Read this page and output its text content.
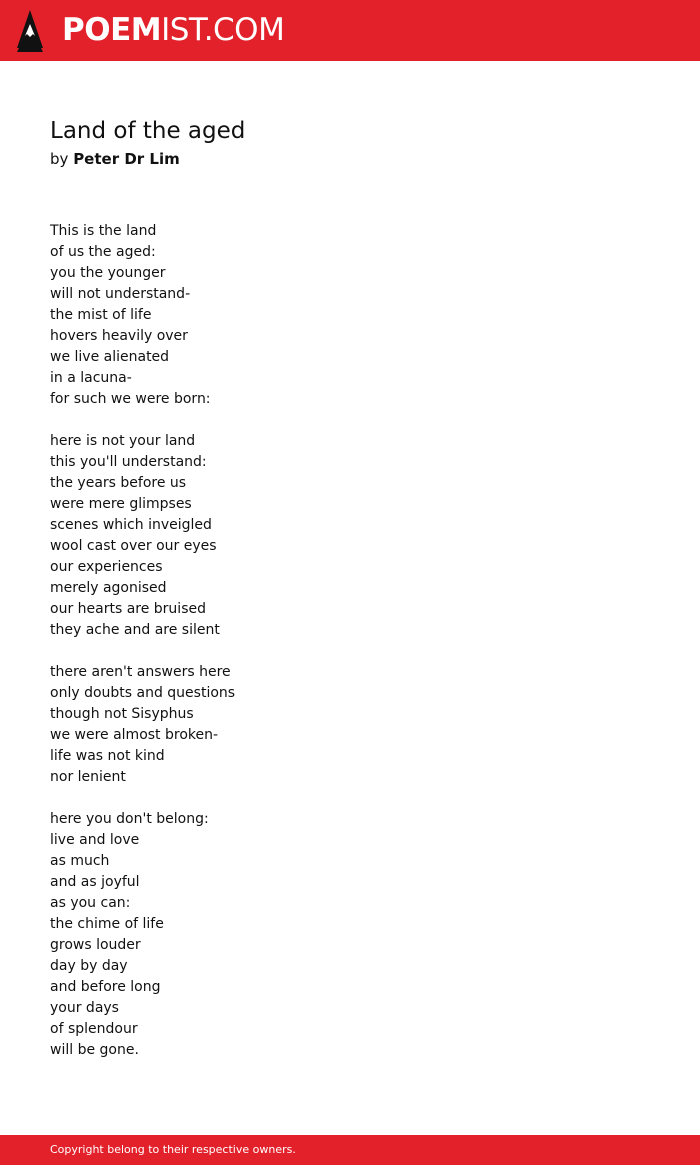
POEMIST.COM
Land of the aged
by Peter Dr Lim
This is the land
of us the aged:
you the younger
will not understand-
the mist of life
hovers heavily over
we live alienated
in a lacuna-
for such we were born:
here is not your land
this you'll understand:
the years before us
were mere glimpses
scenes which inveigled
wool cast over our eyes
our experiences
merely agonised
our hearts are bruised
they ache and are silent
there aren't answers here
only doubts and questions
though not Sisyphus
we were almost broken-
life was not kind
nor lenient
here you don't belong:
live and love
as much
and as joyful
as you can:
the chime of life
grows louder
day by day
and before long
your days
of splendour
will be gone.
Copyright belong to their respective owners.
